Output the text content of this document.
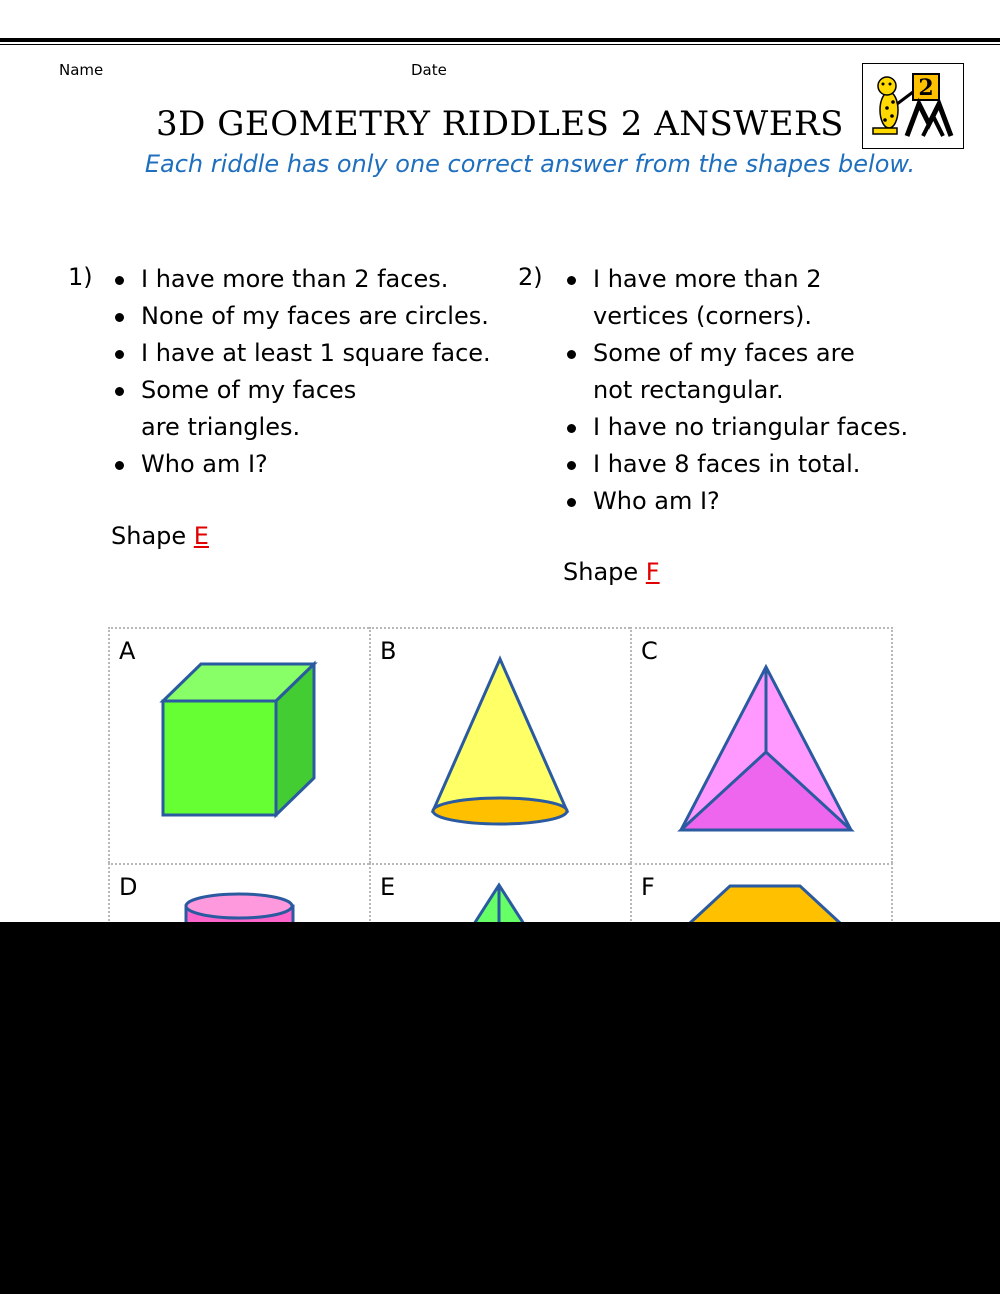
Name	Date
3D GEOMETRY RIDDLES 2 ANSWERS
Each riddle has only one correct answer from the shapes below.
2
1)	I have more than 2 faces.
None of my faces are circles.
I have at least 1 square face.
Some of my faces are triangles.
Who am I?
Shape E
2)	I have more than 2 vertices (corners).
Some of my faces are not rectangular.
I have no triangular faces.
I have 8 faces in total.
Who am I?
Shape F
A	B	C
D	E	F
